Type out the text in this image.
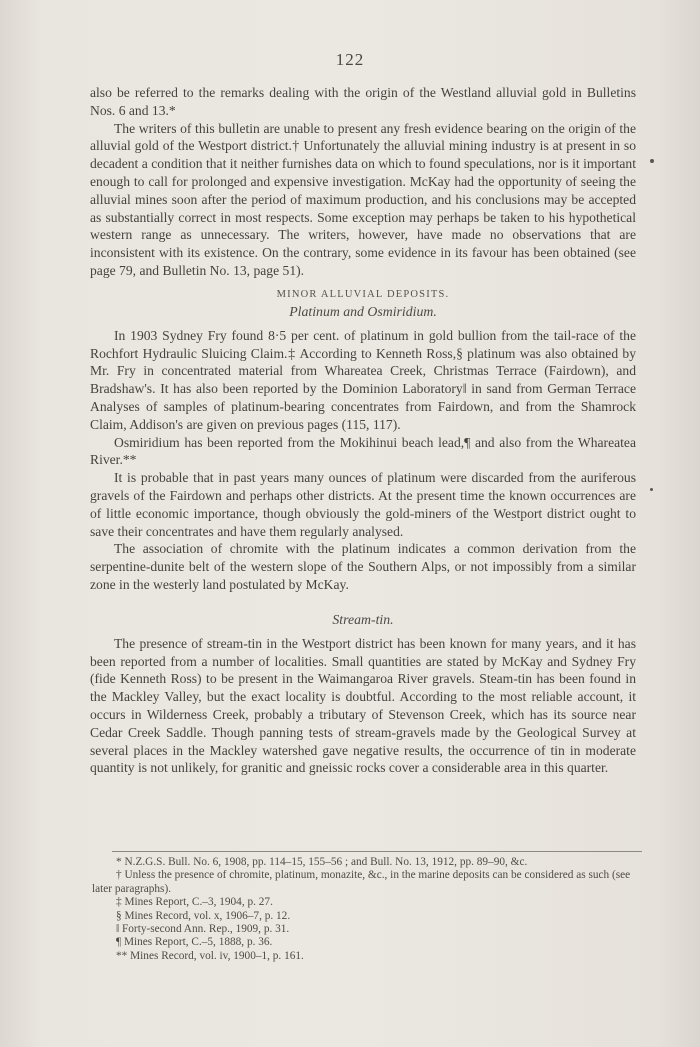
122

also be referred to the remarks dealing with the origin of the Westland alluvial gold in Bulletins Nos. 6 and 13.*

The writers of this bulletin are unable to present any fresh evidence bearing on the origin of the alluvial gold of the Westport district.† Unfortunately the alluvial mining industry is at present in so decadent a condition that it neither furnishes data on which to found speculations, nor is it important enough to call for prolonged and expensive investigation. McKay had the opportunity of seeing the alluvial mines soon after the period of maximum production, and his conclusions may be accepted as substantially correct in most respects. Some exception may perhaps be taken to his hypothetical western range as unnecessary. The writers, however, have made no observations that are inconsistent with its existence. On the contrary, some evidence in its favour has been obtained (see page 79, and Bulletin No. 13, page 51).

MINOR ALLUVIAL DEPOSITS.
Platinum and Osmiridium.

In 1903 Sydney Fry found 8·5 per cent. of platinum in gold bullion from the tail-race of the Rochfort Hydraulic Sluicing Claim.‡ According to Kenneth Ross,§ platinum was also obtained by Mr. Fry in concentrated material from Whareatea Creek, Christmas Terrace (Fairdown), and Bradshaw's. It has also been reported by the Dominion Laboratory‖ in sand from German Terrace Analyses of samples of platinum-bearing concentrates from Fairdown, and from the Shamrock Claim, Addison's are given on previous pages (115, 117).

Osmiridium has been reported from the Mokihinui beach lead,¶ and also from the Whareatea River.**

It is probable that in past years many ounces of platinum were discarded from the auriferous gravels of the Fairdown and perhaps other districts. At the present time the known occurrences are of little economic importance, though obviously the gold-miners of the Westport district ought to save their concentrates and have them regularly analysed.

The association of chromite with the platinum indicates a common derivation from the serpentine-dunite belt of the western slope of the Southern Alps, or not impossibly from a similar zone in the westerly land postulated by McKay.

Stream-tin.

The presence of stream-tin in the Westport district has been known for many years, and it has been reported from a number of localities. Small quantities are stated by McKay and Sydney Fry (fide Kenneth Ross) to be present in the Waimangaroa River gravels. Steam-tin has been found in the Mackley Valley, but the exact locality is doubtful. According to the most reliable account, it occurs in Wilderness Creek, probably a tributary of Stevenson Creek, which has its source near Cedar Creek Saddle. Though panning tests of stream-gravels made by the Geological Survey at several places in the Mackley watershed gave negative results, the occurrence of tin in moderate quantity is not unlikely, for granitic and gneissic rocks cover a considerable area in this quarter.

* N.Z.G.S. Bull. No. 6, 1908, pp. 114–15, 155–56 ; and Bull. No. 13, 1912, pp. 89–90, &c.

† Unless the presence of chromite, platinum, monazite, &c., in the marine deposits can be considered as such (see later paragraphs).

‡ Mines Report, C.–3, 1904, p. 27.

§ Mines Record, vol. x, 1906–7, p. 12.

‖ Forty-second Ann. Rep., 1909, p. 31.

¶ Mines Report, C.–5, 1888, p. 36.

** Mines Record, vol. iv, 1900–1, p. 161.
